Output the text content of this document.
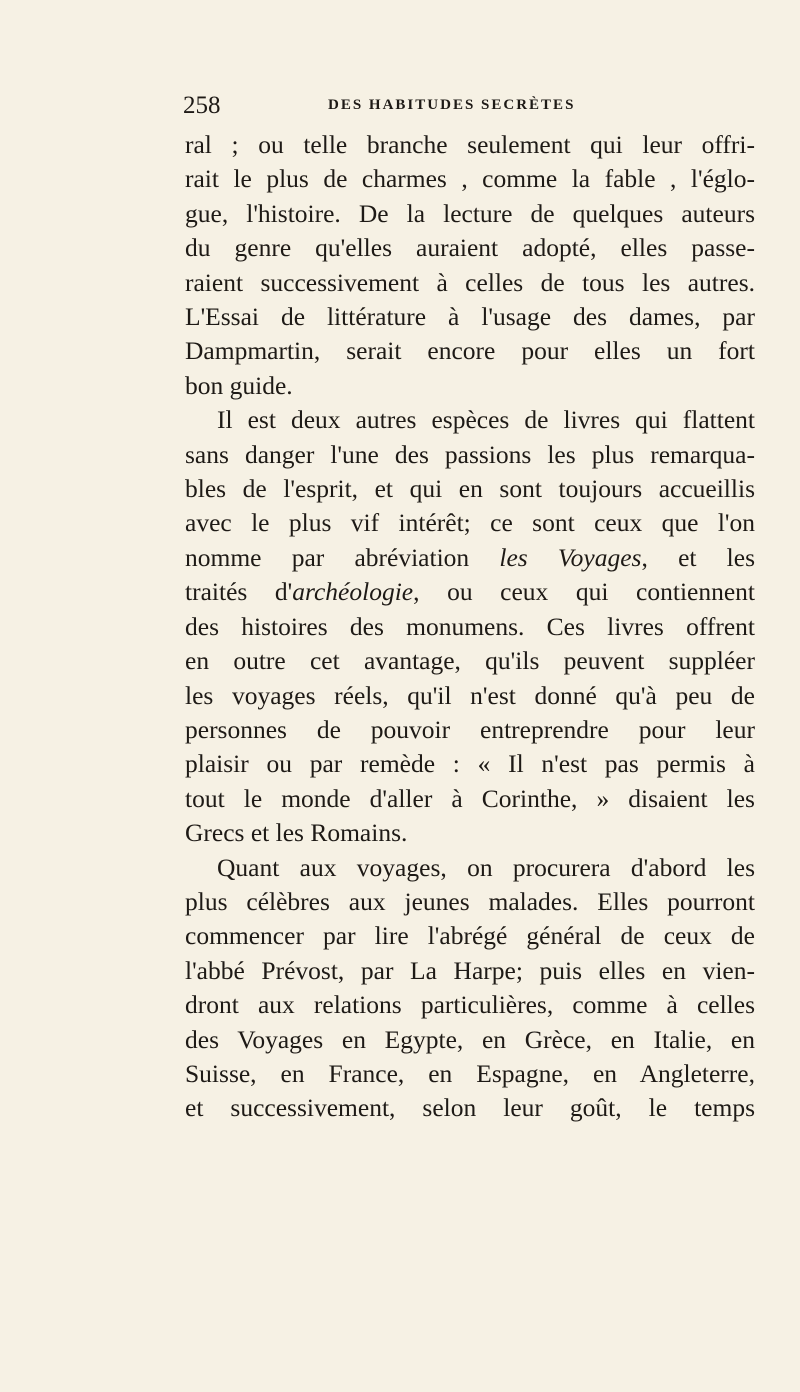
258	DES HABITUDES SECRÈTES
ral ; ou telle branche seulement qui leur offri-
rait le plus de charmes , comme la fable , l'églo-
gue, l'histoire. De la lecture de quelques auteurs
du genre qu'elles auraient adopté, elles passe-
raient successivement à celles de tous les autres.
L'Essai de littérature à l'usage des dames, par
Dampmartin, serait encore pour elles un fort
bon guide.
Il est deux autres espèces de livres qui flattent
sans danger l'une des passions les plus remarqua-
bles de l'esprit, et qui en sont toujours accueillis
avec le plus vif intérêt; ce sont ceux que l'on
nomme par abréviation les Voyages, et les
traités d'archéologie, ou ceux qui contiennent
des histoires des monumens. Ces livres offrent
en outre cet avantage, qu'ils peuvent suppléer
les voyages réels, qu'il n'est donné qu'à peu de
personnes de pouvoir entreprendre pour leur
plaisir ou par remède : « Il n'est pas permis à
tout le monde d'aller à Corinthe, » disaient les
Grecs et les Romains.
Quant aux voyages, on procurera d'abord les
plus célèbres aux jeunes malades. Elles pourront
commencer par lire l'abrégé général de ceux de
l'abbé Prévost, par La Harpe; puis elles en vien-
dront aux relations particulières, comme à celles
des Voyages en Egypte, en Grèce, en Italie, en
Suisse, en France, en Espagne, en Angleterre,
et successivement, selon leur goût, le temps
